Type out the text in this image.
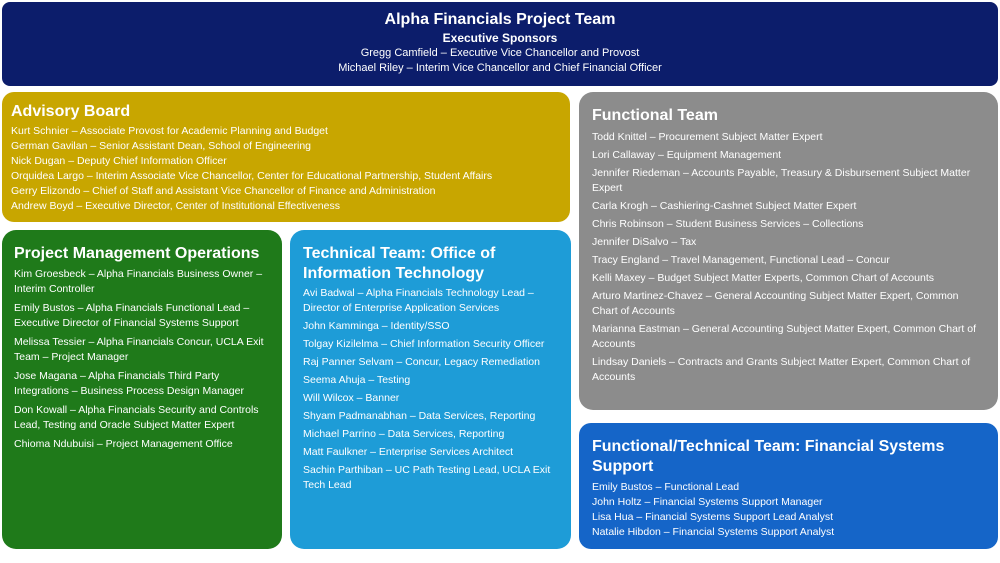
Alpha Financials Project Team
Executive Sponsors
Gregg Camfield – Executive Vice Chancellor and Provost
Michael Riley – Interim Vice Chancellor and Chief Financial Officer
Advisory Board
Kurt Schnier – Associate Provost for Academic Planning and Budget
German Gavilan – Senior Assistant Dean, School of Engineering
Nick Dugan – Deputy Chief Information Officer
Orquidea Largo – Interim Associate Vice Chancellor, Center for Educational Partnership, Student Affairs
Gerry Elizondo – Chief of Staff and Assistant Vice Chancellor of Finance and Administration
Andrew Boyd – Executive Director, Center of Institutional Effectiveness
Project Management Operations
Kim Groesbeck – Alpha Financials Business Owner – Interim Controller
Emily Bustos – Alpha Financials Functional Lead – Executive Director of Financial Systems Support
Melissa Tessier – Alpha Financials Concur, UCLA Exit Team – Project Manager
Jose Magana – Alpha Financials Third Party Integrations – Business Process Design Manager
Don Kowall – Alpha Financials Security and Controls Lead, Testing and Oracle Subject Matter Expert
Chioma Ndubuisi – Project Management Office
Technical Team: Office of Information Technology
Avi Badwal – Alpha Financials Technology Lead – Director of Enterprise Application Services
John Kamminga – Identity/SSO
Tolgay Kizilelma – Chief Information Security Officer
Raj Panner Selvam – Concur, Legacy Remediation
Seema Ahuja – Testing
Will Wilcox – Banner
Shyam Padmanabhan – Data Services, Reporting
Michael Parrino – Data Services, Reporting
Matt Faulkner – Enterprise Services Architect
Sachin Parthiban – UC Path Testing Lead, UCLA Exit Tech Lead
Functional Team
Todd Knittel – Procurement Subject Matter Expert
Lori Callaway – Equipment Management
Jennifer Riedeman – Accounts Payable, Treasury & Disbursement Subject Matter Expert
Carla Krogh – Cashiering-Cashnet Subject Matter Expert
Chris Robinson – Student Business Services – Collections
Jennifer DiSalvo – Tax
Tracy England – Travel Management, Functional Lead – Concur
Kelli Maxey – Budget Subject Matter Experts, Common Chart of Accounts
Arturo Martinez-Chavez – General Accounting Subject Matter Expert, Common Chart of Accounts
Marianna Eastman – General Accounting Subject Matter Expert, Common Chart of Accounts
Lindsay Daniels – Contracts and Grants Subject Matter Expert, Common Chart of Accounts
Functional/Technical Team: Financial Systems Support
Emily Bustos – Functional Lead
John Holtz – Financial Systems Support Manager
Lisa Hua – Financial Systems Support Lead Analyst
Natalie Hibdon – Financial Systems Support Analyst
